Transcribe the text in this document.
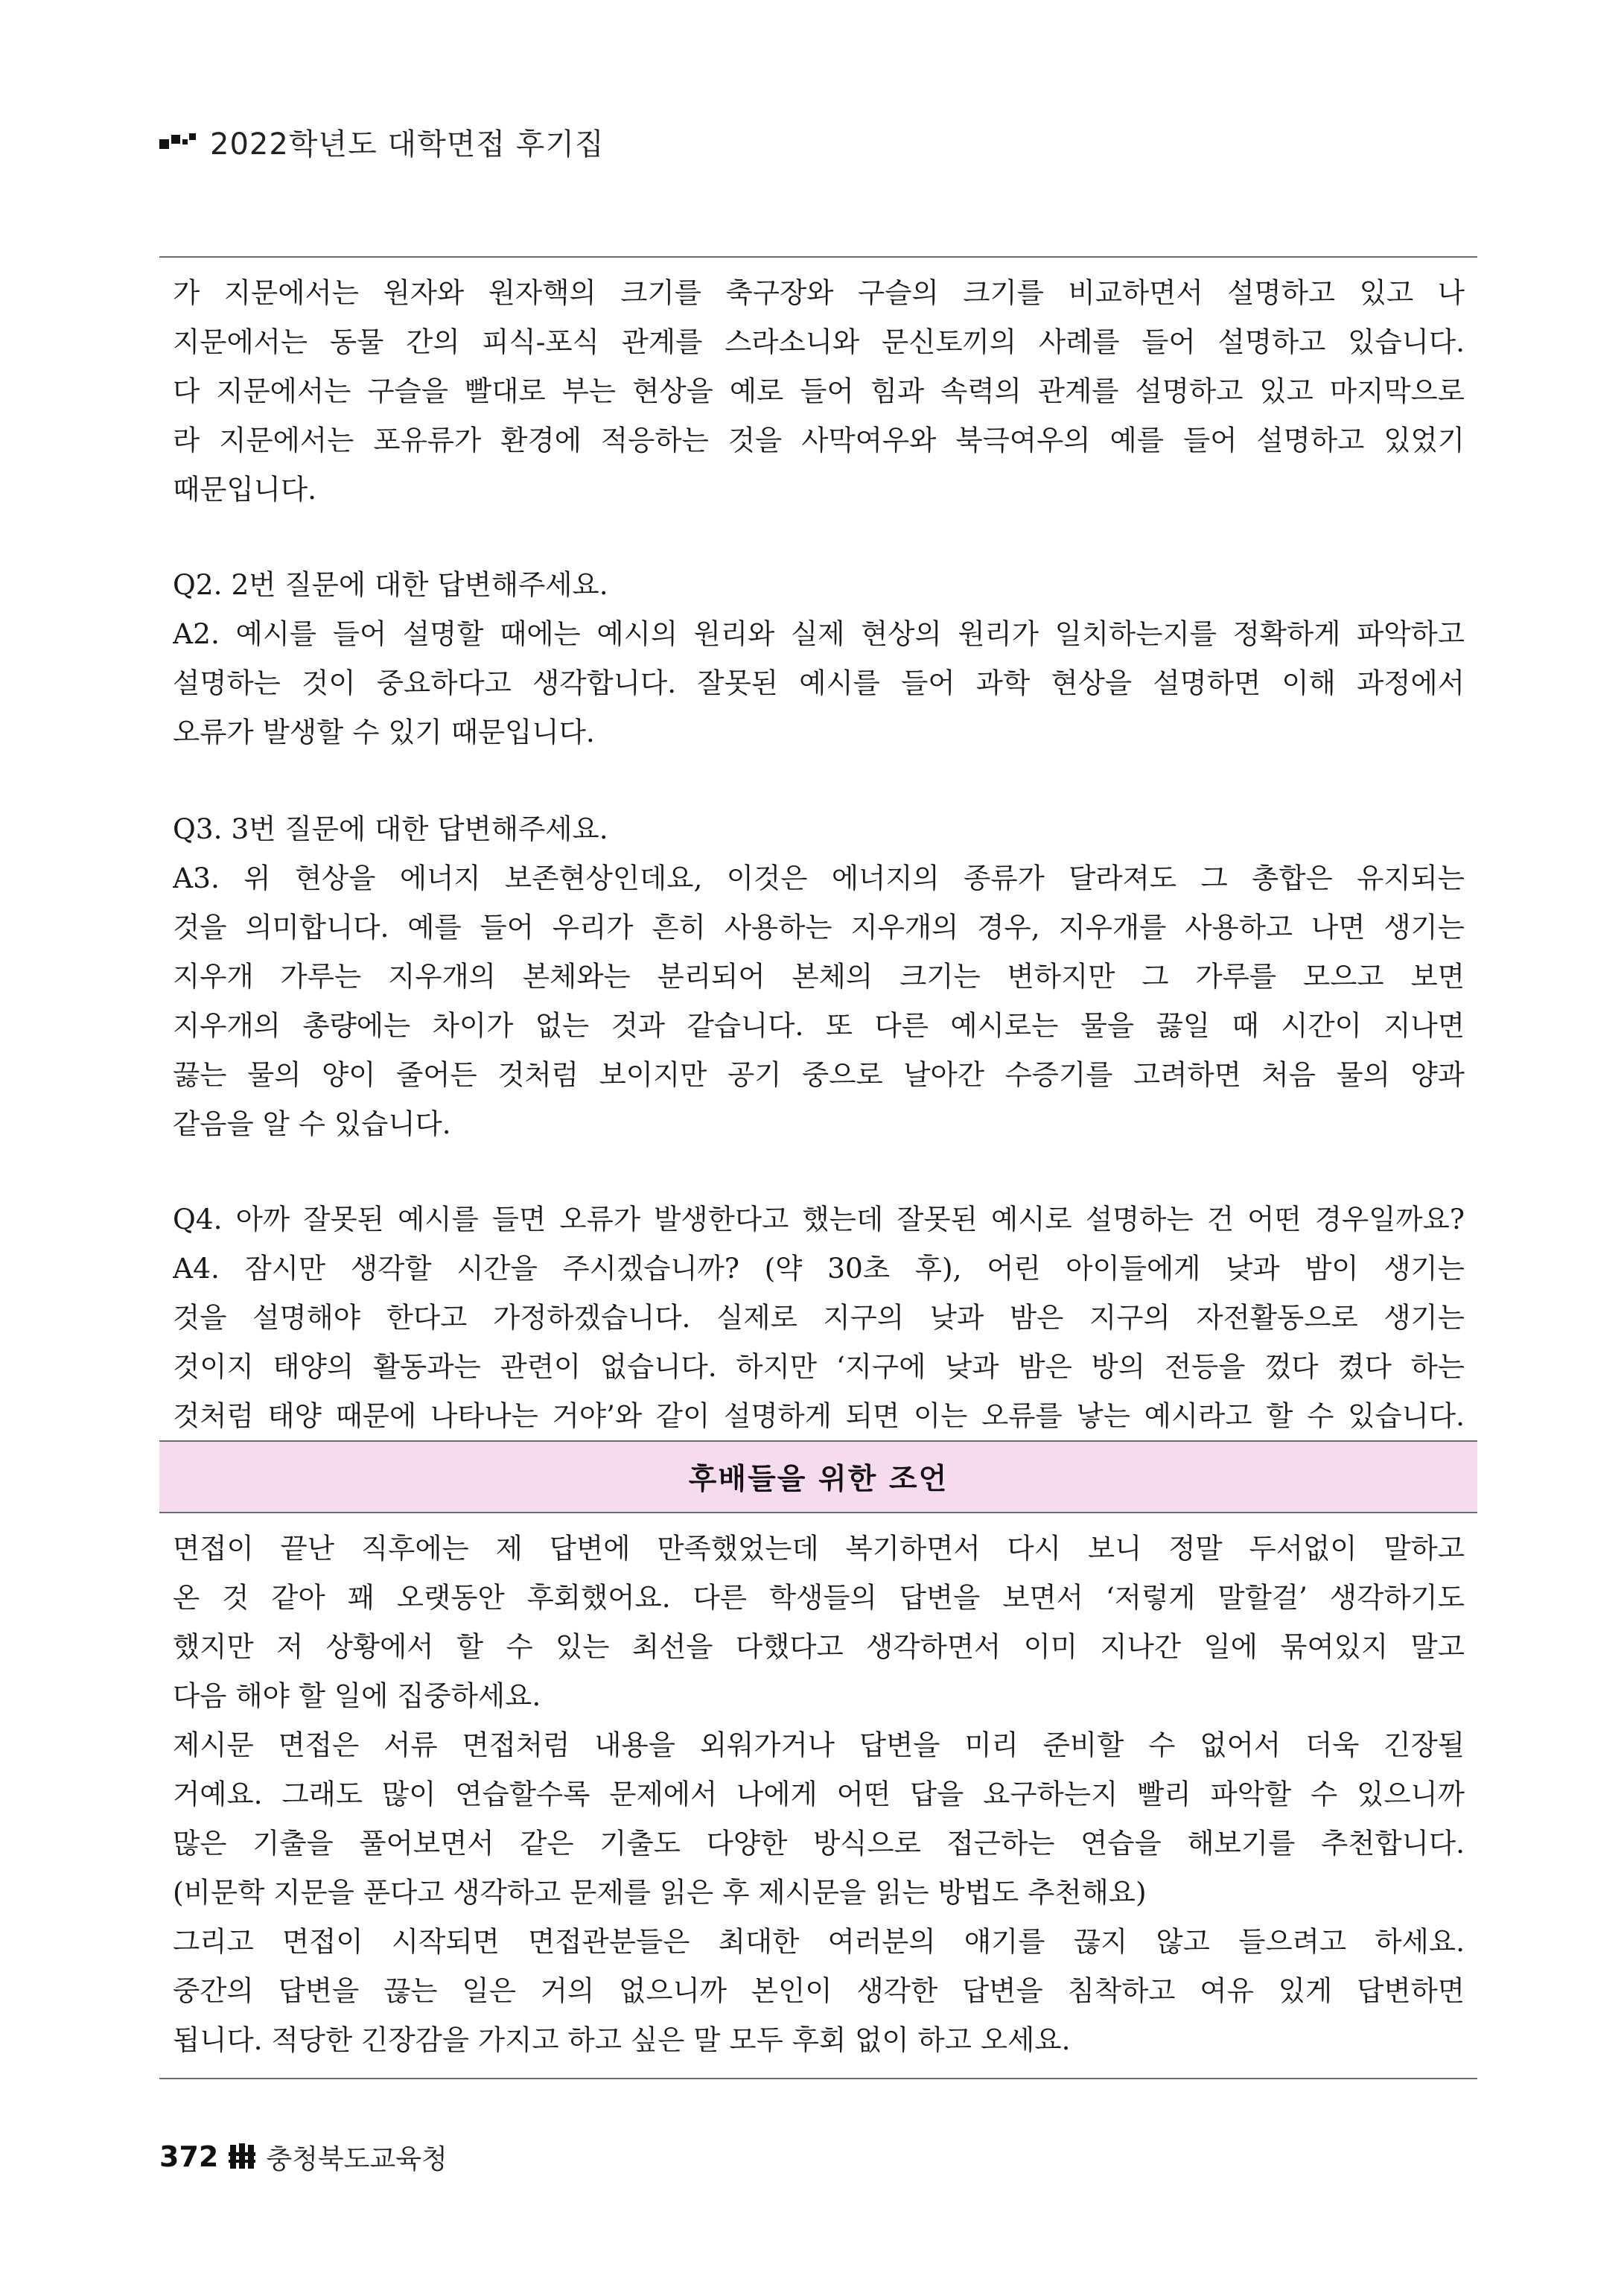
2022학년도 대학면접 후기집
가 지문에서는 원자와 원자핵의 크기를 축구장와 구슬의 크기를 비교하면서 설명하고 있고 나
지문에서는 동물 간의 피식-포식 관계를 스라소니와 문신토끼의 사례를 들어 설명하고 있습니다.
다 지문에서는 구슬을 빨대로 부는 현상을 예로 들어 힘과 속력의 관계를 설명하고 있고 마지막으로
라 지문에서는 포유류가 환경에 적응하는 것을 사막여우와 북극여우의 예를 들어 설명하고 있었기
때문입니다.
Q2. 2번 질문에 대한 답변해주세요.
A2. 예시를 들어 설명할 때에는 예시의 원리와 실제 현상의 원리가 일치하는지를 정확하게 파악하고
설명하는 것이 중요하다고 생각합니다. 잘못된 예시를 들어 과학 현상을 설명하면 이해 과정에서
오류가 발생할 수 있기 때문입니다.
Q3. 3번 질문에 대한 답변해주세요.
A3. 위 현상을 에너지 보존현상인데요, 이것은 에너지의 종류가 달라져도 그 총합은 유지되는
것을 의미합니다. 예를 들어 우리가 흔히 사용하는 지우개의 경우, 지우개를 사용하고 나면 생기는
지우개 가루는 지우개의 본체와는 분리되어 본체의 크기는 변하지만 그 가루를 모으고 보면
지우개의 총량에는 차이가 없는 것과 같습니다. 또 다른 예시로는 물을 끓일 때 시간이 지나면
끓는 물의 양이 줄어든 것처럼 보이지만 공기 중으로 날아간 수증기를 고려하면 처음 물의 양과
같음을 알 수 있습니다.
Q4. 아까 잘못된 예시를 들면 오류가 발생한다고 했는데 잘못된 예시로 설명하는 건 어떤 경우일까요?
A4. 잠시만 생각할 시간을 주시겠습니까? (약 30초 후), 어린 아이들에게 낮과 밤이 생기는
것을 설명해야 한다고 가정하겠습니다. 실제로 지구의 낮과 밤은 지구의 자전활동으로 생기는
것이지 태양의 활동과는 관련이 없습니다. 하지만 ‘지구에 낮과 밤은 방의 전등을 껐다 켰다 하는
것처럼 태양 때문에 나타나는 거야’와 같이 설명하게 되면 이는 오류를 낳는 예시라고 할 수 있습니다.
후배들을 위한 조언
면접이 끝난 직후에는 제 답변에 만족했었는데 복기하면서 다시 보니 정말 두서없이 말하고
온 것 같아 꽤 오랫동안 후회했어요. 다른 학생들의 답변을 보면서 ‘저렇게 말할걸’ 생각하기도
했지만 저 상황에서 할 수 있는 최선을 다했다고 생각하면서 이미 지나간 일에 묶여있지 말고
다음 해야 할 일에 집중하세요.
제시문 면접은 서류 면접처럼 내용을 외워가거나 답변을 미리 준비할 수 없어서 더욱 긴장될
거예요. 그래도 많이 연습할수록 문제에서 나에게 어떤 답을 요구하는지 빨리 파악할 수 있으니까
많은 기출을 풀어보면서 같은 기출도 다양한 방식으로 접근하는 연습을 해보기를 추천합니다.
(비문학 지문을 푼다고 생각하고 문제를 읽은 후 제시문을 읽는 방법도 추천해요)
그리고 면접이 시작되면 면접관분들은 최대한 여러분의 얘기를 끊지 않고 들으려고 하세요.
중간의 답변을 끊는 일은 거의 없으니까 본인이 생각한 답변을 침착하고 여유 있게 답변하면
됩니다. 적당한 긴장감을 가지고 하고 싶은 말 모두 후회 없이 하고 오세요.
372 충청북도교육청
